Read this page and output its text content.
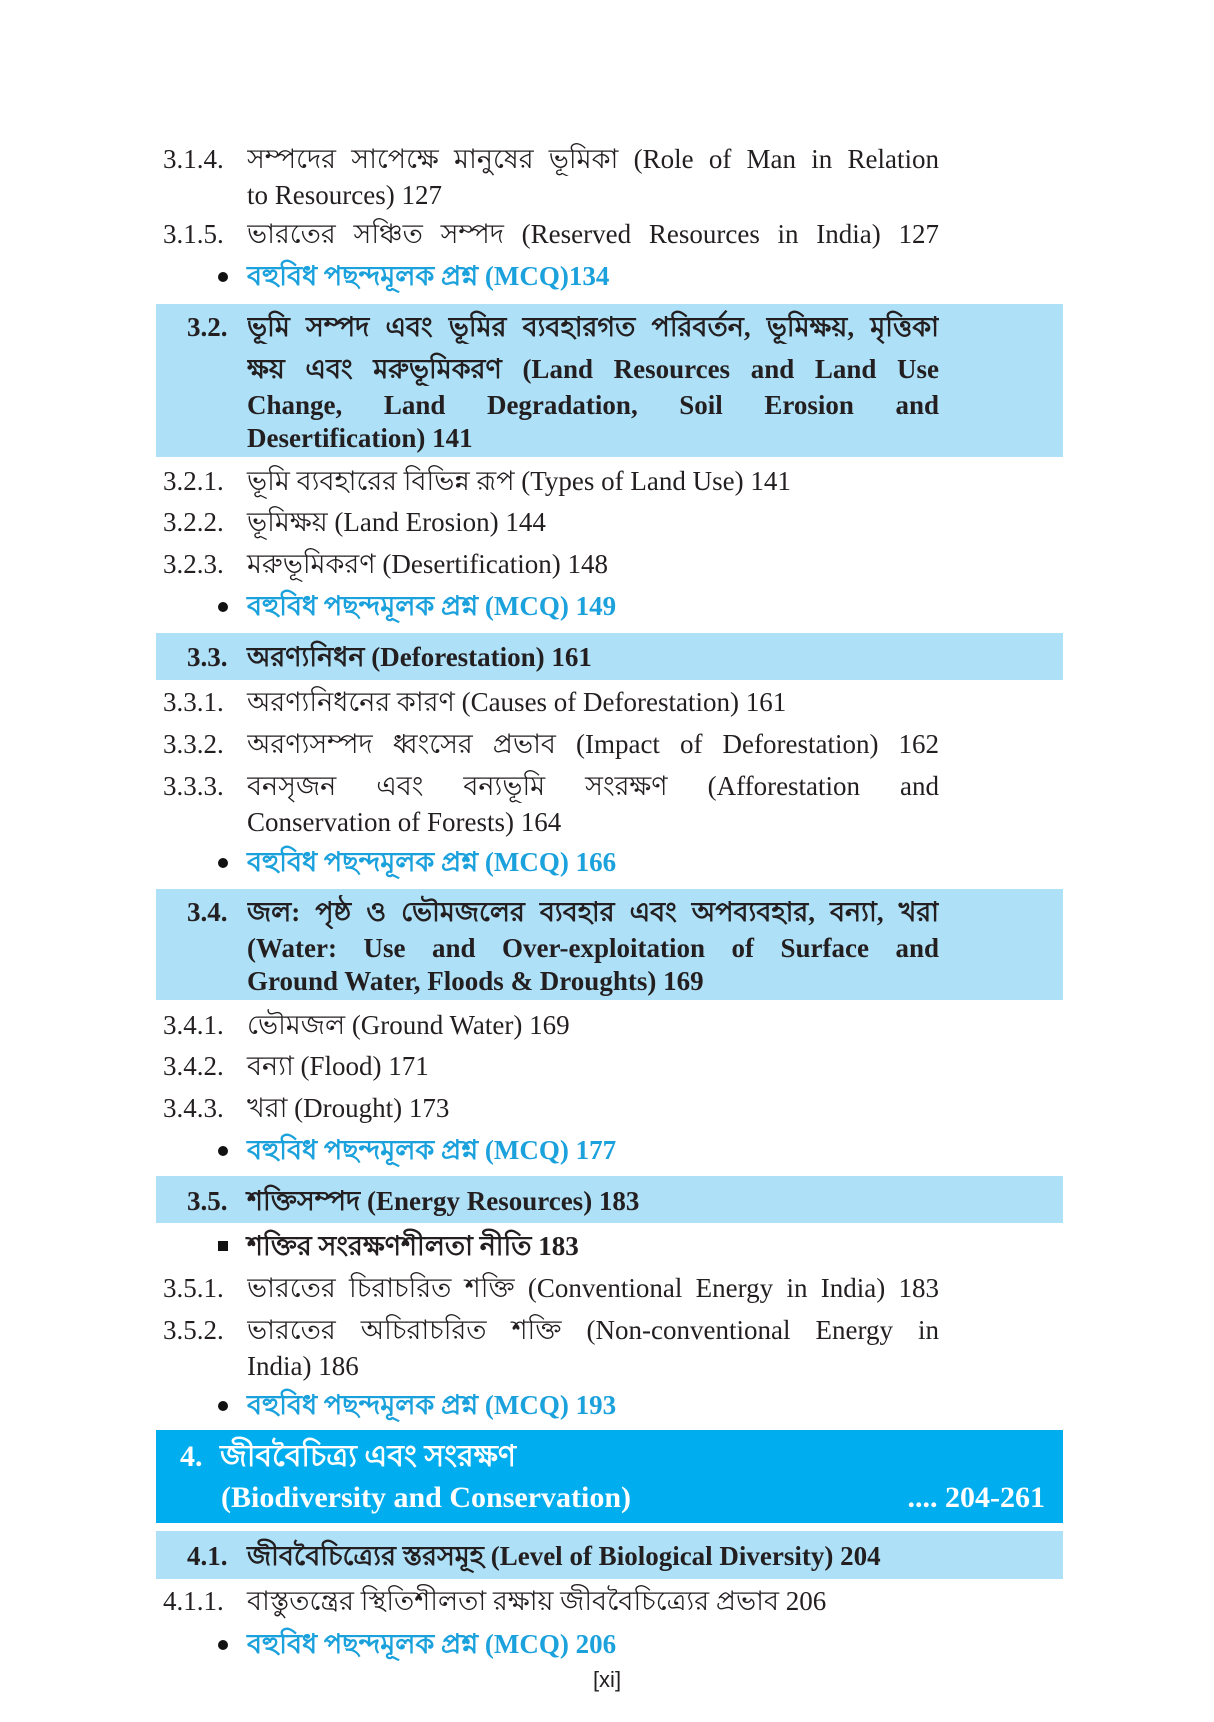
3.1.4. সম্পদের সাপেক্ষে মানুষের ভূমিকা (Role of Man in Relation
to Resources) 127
3.1.5. ভারতের সঞ্চিত সম্পদ (Reserved Resources in India) 127
বহুবিধ পছন্দমূলক প্রশ্ন (MCQ)134
3.2. ভূমি সম্পদ এবং ভূমির ব্যবহারগত পরিবর্তন, ভূমিক্ষয়, মৃত্তিকা
ক্ষয় এবং মরুভূমিকরণ (Land Resources and Land Use
Change, Land Degradation, Soil Erosion and
Desertification) 141
3.2.1. ভূমি ব্যবহারের বিভিন্ন রূপ (Types of Land Use) 141
3.2.2. ভূমিক্ষয় (Land Erosion) 144
3.2.3. মরুভূমিকরণ (Desertification) 148
বহুবিধ পছন্দমূলক প্রশ্ন (MCQ) 149
3.3. অরণ্যনিধন (Deforestation) 161
3.3.1. অরণ্যনিধনের কারণ (Causes of Deforestation) 161
3.3.2. অরণ্যসম্পদ ধ্বংসের প্রভাব (Impact of Deforestation) 162
3.3.3. বনসৃজন এবং বন্যভূমি সংরক্ষণ (Afforestation and
Conservation of Forests) 164
বহুবিধ পছন্দমূলক প্রশ্ন (MCQ) 166
3.4. জল: পৃষ্ঠ ও ভৌমজলের ব্যবহার এবং অপব্যবহার, বন্যা, খরা
(Water: Use and Over-exploitation of Surface and
Ground Water, Floods & Droughts) 169
3.4.1. ভৌমজল (Ground Water) 169
3.4.2. বন্যা (Flood) 171
3.4.3. খরা (Drought) 173
বহুবিধ পছন্দমূলক প্রশ্ন (MCQ) 177
3.5. শক্তিসম্পদ (Energy Resources) 183
শক্তির সংরক্ষণশীলতা নীতি 183
3.5.1. ভারতের চিরাচরিত শক্তি (Conventional Energy in India) 183
3.5.2. ভারতের অচিরাচরিত শক্তি (Non-conventional Energy in
India) 186
বহুবিধ পছন্দমূলক প্রশ্ন (MCQ) 193
4. জীববৈচিত্র্য এবং সংরক্ষণ
(Biodiversity and Conservation)	.... 204-261
4.1. জীববৈচিত্র্যের স্তরসমূহ (Level of Biological Diversity) 204
4.1.1. বাস্তুতন্ত্রের স্থিতিশীলতা রক্ষায় জীববৈচিত্র্যের প্রভাব 206
বহুবিধ পছন্দমূলক প্রশ্ন (MCQ) 206
[xi]
